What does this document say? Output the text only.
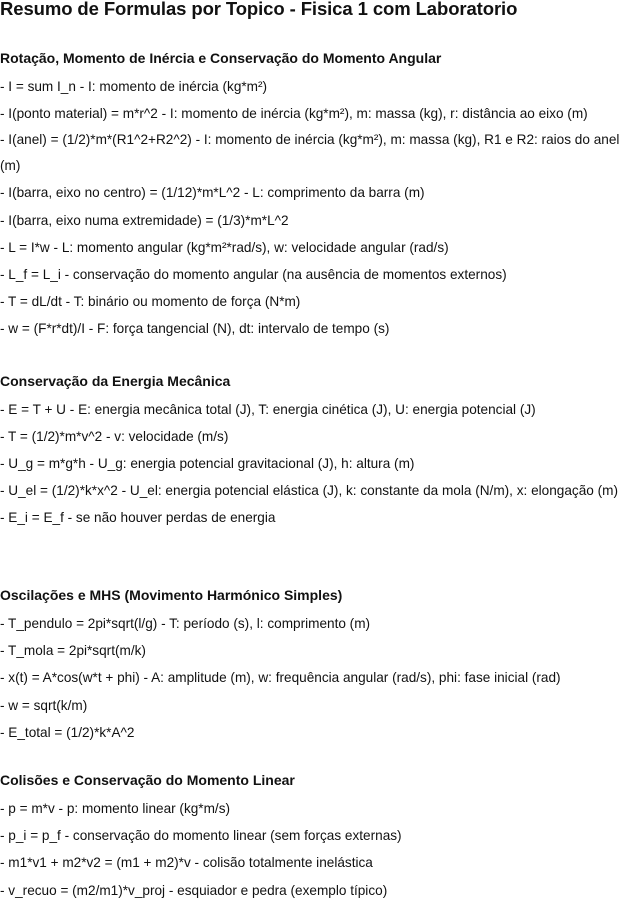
Resumo de Formulas por Topico - Fisica 1 com Laboratorio
Rotação, Momento de Inércia e Conservação do Momento Angular
- I = sum I_n - I: momento de inércia (kg*m²)
- I(ponto material) = m*r^2 - I: momento de inércia (kg*m²), m: massa (kg), r: distância ao eixo (m)
- I(anel) = (1/2)*m*(R1^2+R2^2) - I: momento de inércia (kg*m²), m: massa (kg), R1 e R2: raios do anel (m)
- I(barra, eixo no centro) = (1/12)*m*L^2 - L: comprimento da barra (m)
- I(barra, eixo numa extremidade) = (1/3)*m*L^2
- L = I*w - L: momento angular (kg*m²*rad/s), w: velocidade angular (rad/s)
- L_f = L_i - conservação do momento angular (na ausência de momentos externos)
- T = dL/dt - T: binário ou momento de força (N*m)
- w = (F*r*dt)/I - F: força tangencial (N), dt: intervalo de tempo (s)
Conservação da Energia Mecânica
- E = T + U - E: energia mecânica total (J), T: energia cinética (J), U: energia potencial (J)
- T = (1/2)*m*v^2 - v: velocidade (m/s)
- U_g = m*g*h - U_g: energia potencial gravitacional (J), h: altura (m)
- U_el = (1/2)*k*x^2 - U_el: energia potencial elástica (J), k: constante da mola (N/m), x: elongação (m)
- E_i = E_f - se não houver perdas de energia
Oscilações e MHS (Movimento Harmónico Simples)
- T_pendulo = 2pi*sqrt(l/g) - T: período (s), l: comprimento (m)
- T_mola = 2pi*sqrt(m/k)
- x(t) = A*cos(w*t + phi) - A: amplitude (m), w: frequência angular (rad/s), phi: fase inicial (rad)
- w = sqrt(k/m)
- E_total = (1/2)*k*A^2
Colisões e Conservação do Momento Linear
- p = m*v - p: momento linear (kg*m/s)
- p_i = p_f - conservação do momento linear (sem forças externas)
- m1*v1 + m2*v2 = (m1 + m2)*v - colisão totalmente inelástica
- v_recuo = (m2/m1)*v_proj - esquiador e pedra (exemplo típico)
